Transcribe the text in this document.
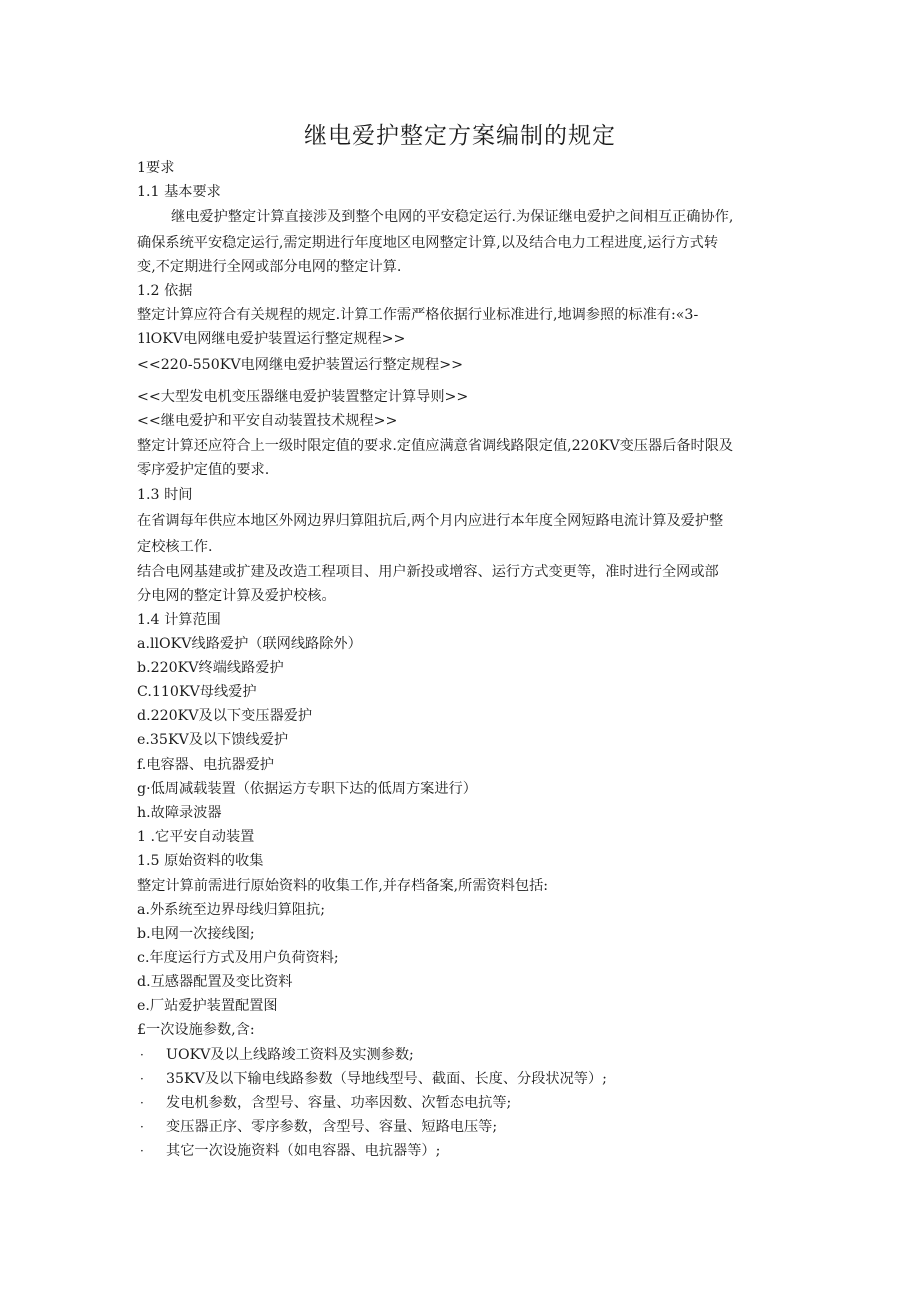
继电爱护整定方案编制的规定
1要求
1.1 基本要求
继电爱护整定计算直接涉及到整个电网的平安稳定运行.为保证继电爱护之间相互正确协作,
确保系统平安稳定运行,需定期进行年度地区电网整定计算,以及结合电力工程进度,运行方式转
变,不定期进行全网或部分电网的整定计算.
1.2 依据
整定计算应符合有关规程的规定.计算工作需严格依据行业标准进行,地调参照的标准有:«3-
1lOKV电网继电爱护装置运行整定规程>>
<<220-550KV电网继电爱护装置运行整定规程>>
<<大型发电机变压器继电爱护装置整定计算导则>>
<<继电爱护和平安自动装置技术规程>>
整定计算还应符合上一级时限定值的要求.定值应满意省调线路限定值,220KV变压器后备时限及
零序爱护定值的要求.
1.3 时间
在省调每年供应本地区外网边界归算阻抗后,两个月内应进行本年度全网短路电流计算及爱护整
定校核工作.
结合电网基建或扩建及改造工程项目、用户新投或增容、运行方式变更等，准时进行全网或部
分电网的整定计算及爱护校核。
1.4 计算范围
a.llOKV线路爱护（联网线路除外）
b.220KV终端线路爱护
C.110KV母线爱护
d.220KV及以下变压器爱护
e.35KV及以下馈线爱护
f.电容器、电抗器爱护
g·低周减载装置（依据运方专职下达的低周方案进行）
h.故障录波器
1 .它平安自动装置
1.5 原始资料的收集
整定计算前需进行原始资料的收集工作,并存档备案,所需资料包括:
a.外系统至边界母线归算阻抗;
b.电网一次接线图;
c.年度运行方式及用户负荷资料;
d.互感器配置及变比资料
e.厂站爱护装置配置图
£一次设施参数,含:
· UOKV及以上线路竣工资料及实测参数;
· 35KV及以下输电线路参数（导地线型号、截面、长度、分段状况等）;
· 发电机参数，含型号、容量、功率因数、次暂态电抗等;
· 变压器正序、零序参数，含型号、容量、短路电压等;
· 其它一次设施资料（如电容器、电抗器等）;
